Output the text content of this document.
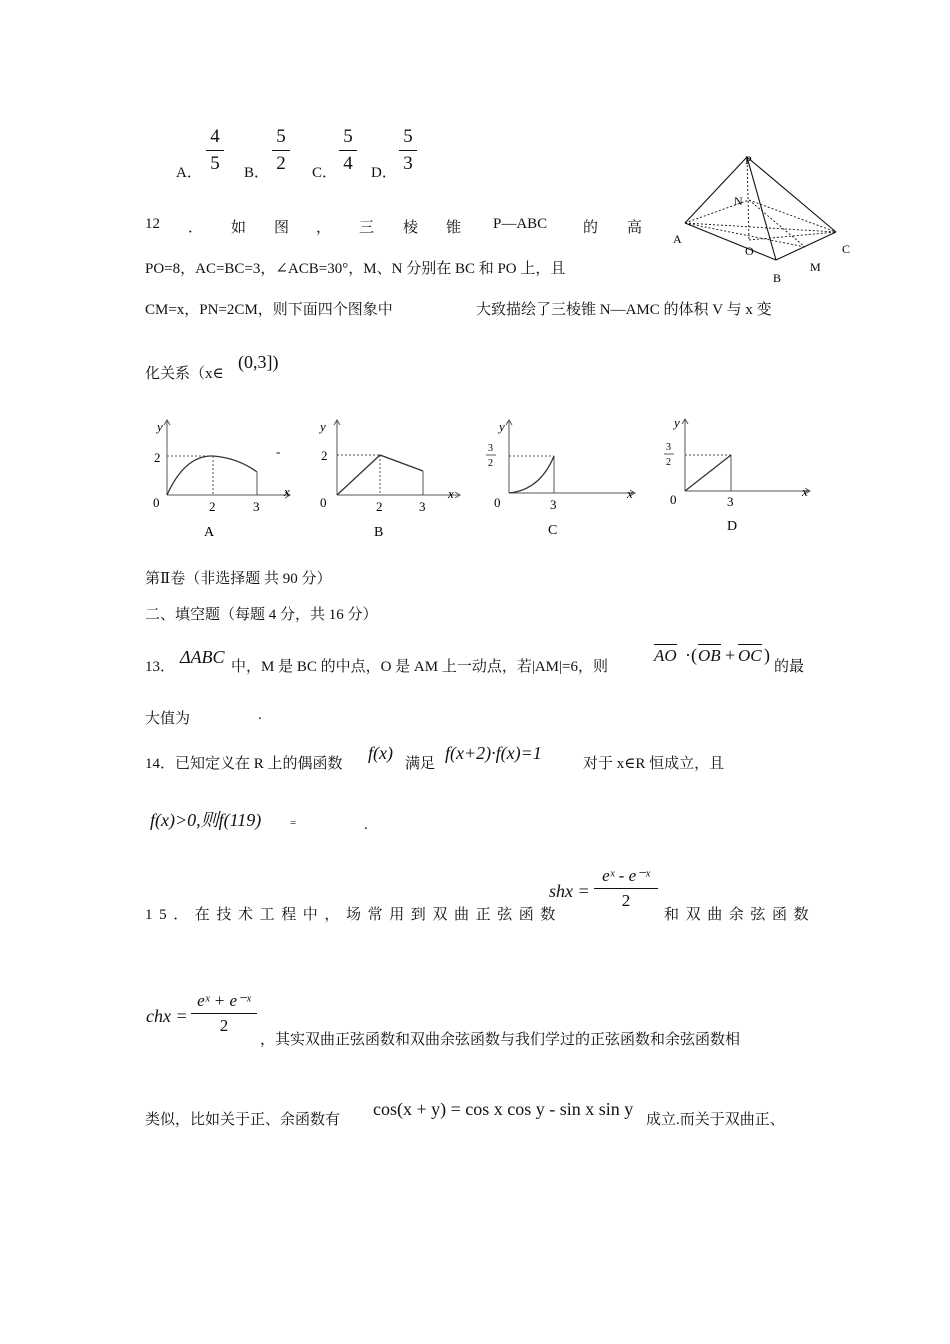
A．
4
5 B．
5
2 C．
5
4 D．
5
3
12 ． 如 图 ， 三 棱 锥 P—ABC 的 高
PO=8，AC=BC=3，∠ACB=30°，M、N 分别在 BC 和 PO 上，且
CM=x，PN=2CM，则下面四个图象中	大致描绘了三棱锥 N—AMC 的体积 V 与 x 变
化关系（x∈
(0,3])
P
N
A
O
B
M
C
y
x
0
2
2	3
-
A
y
x
0
2
2	3
B
y
x
0
3
2
3
C
y
x
0
3
2
3
D
第Ⅱ卷（非选择题 共 90 分）
二、填空题（每题 4 分，共 16 分）
13． ΔABC 中，M 是 BC 的中点，O 是 AM 上一动点，若|AM|=6，则
AO ·( OB + OC )
的最
大值为	.
14．已知定义在 R 上的偶函数
f(x)
满足
f(x+2)·f(x)=1
对于 x∈R 恒成立，且
f(x)>0,则f(119)	=	.
15．在技术工程中，场常用到双曲正弦函数
shx =
eˣ - e⁻ˣ
2
和双曲余弦函数
chx =
eˣ + e⁻ˣ
2
，其实双曲正弦函数和双曲余弦函数与我们学过的正弦函数和余弦函数相
类似，比如关于正、余函数有
cos(x + y) = cos x cos y - sin x sin y
成立.而关于双曲正、
